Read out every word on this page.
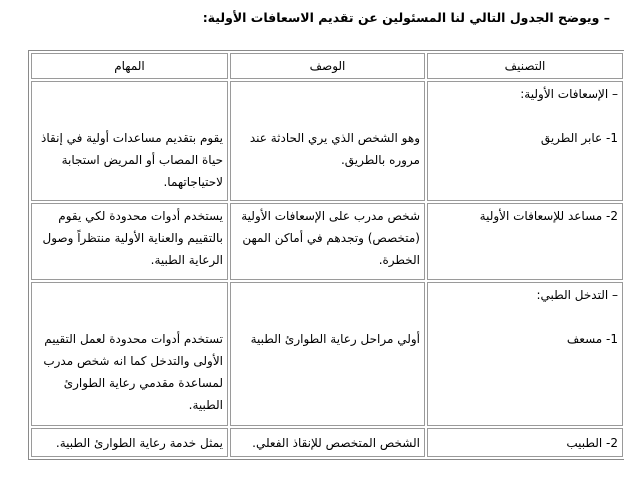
– ويوضح الجدول التالي لنا المسئولين عن تقديم الاسعافات الأولية:
التصنيف	الوصف	المهام

– الإسعافات الأولية:
1- عابر الطريق	وهو الشخص الذي يري الحادثة عند مروره بالطريق.	يقوم بتقديم مساعدات أولية في إنقاذ حياة المصاب أو المريض استجابة لاحتياجاتهما.
2- مساعد للإسعافات الأولية	شخص مدرب على الإسعافات الأولية (متخصص) وتجدهم في أماكن المهن الخطرة.	يستخدم أدوات محدودة لكي يقوم بالتقييم والعناية الأولية منتظراً وصول الرعاية الطبية.

– التدخل الطبي:
1- مسعف	أولي مراحل رعاية الطوارئ الطبية	تستخدم أدوات محدودة لعمل التقييم الأولى والتدخل كما انه شخص مدرب لمساعدة مقدمي رعاية الطوارئ الطبية.
2- الطبيب	الشخص المتخصص للإنقاذ الفعلي.	يمثل خدمة رعاية الطوارئ الطبية.
